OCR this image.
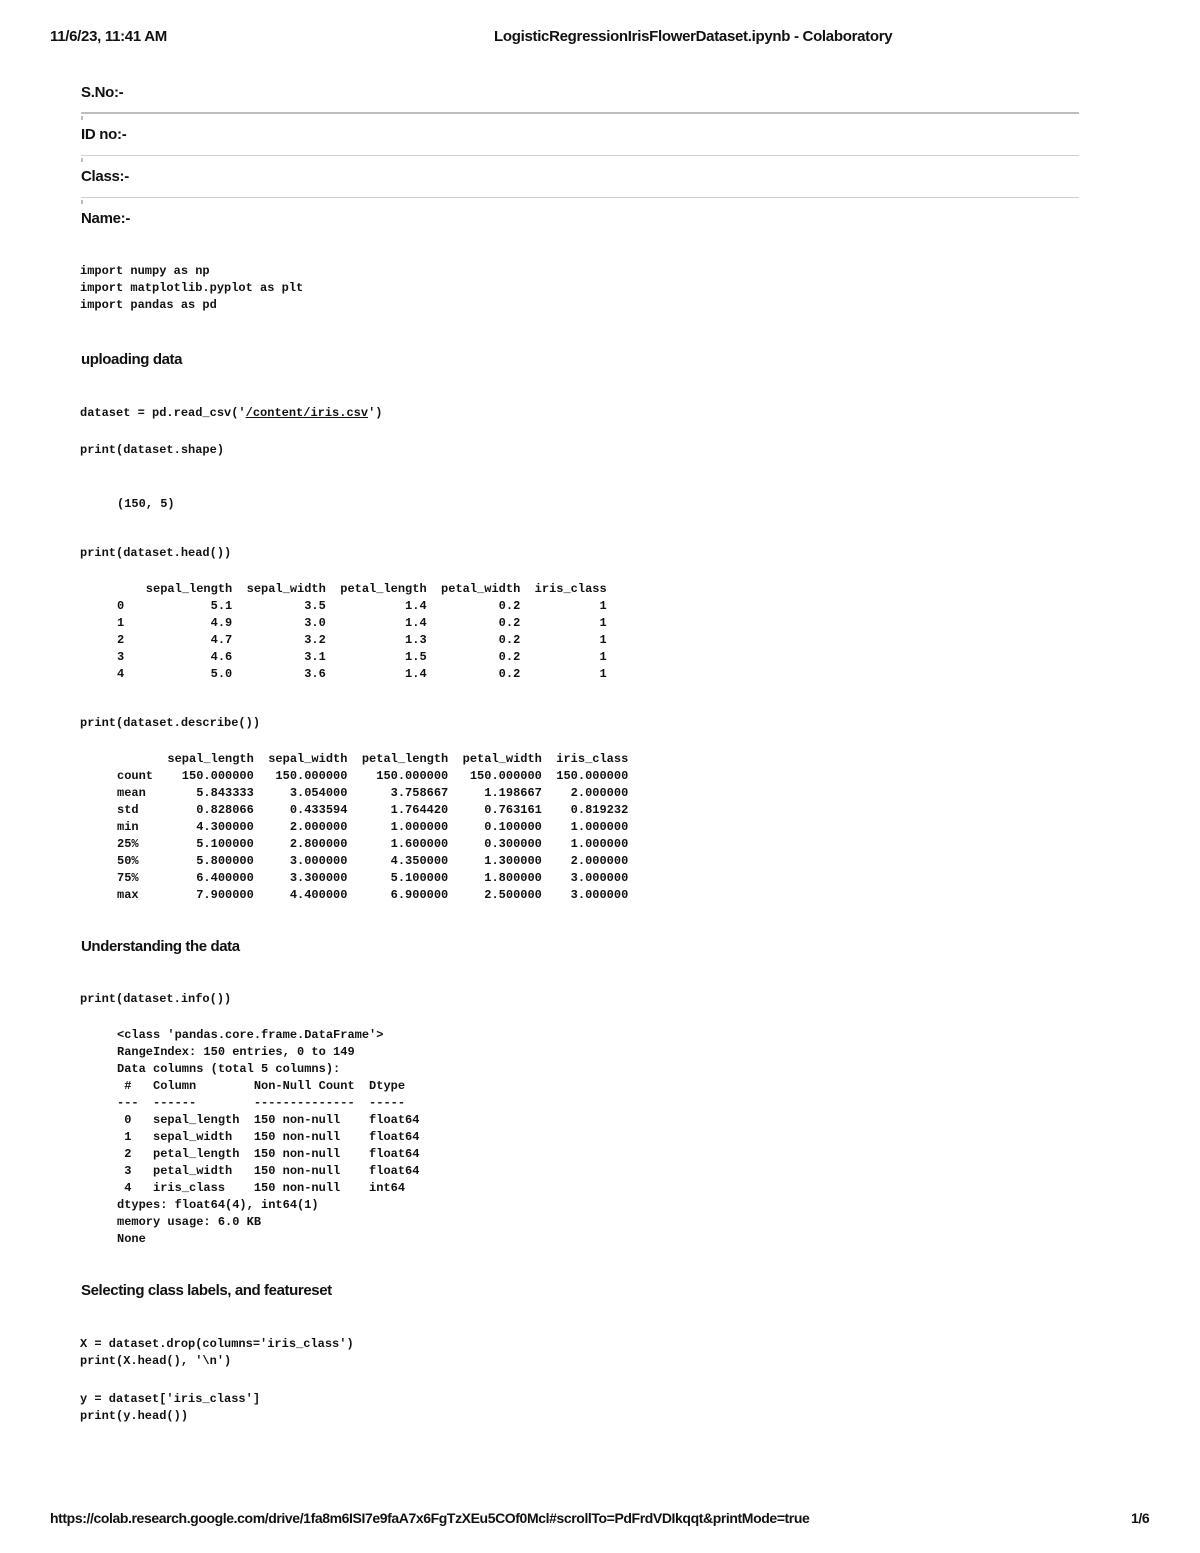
11/6/23, 11:41 AM	LogisticRegressionIrisFlowerDataset.ipynb - Colaboratory
S.No:-
ID no:-
Class:-
Name:-
import numpy as np
import matplotlib.pyplot as plt
import pandas as pd
uploading data
dataset = pd.read_csv('/content/iris.csv')
print(dataset.shape)
(150, 5)
print(dataset.head())
sepal_length  sepal_width  petal_length  petal_width  iris_class
0            5.1          3.5           1.4          0.2           1
1            4.9          3.0           1.4          0.2           1
2            4.7          3.2           1.3          0.2           1
3            4.6          3.1           1.5          0.2           1
4            5.0          3.6           1.4          0.2           1
print(dataset.describe())
sepal_length  sepal_width  petal_length  petal_width  iris_class
count    150.000000   150.000000    150.000000   150.000000  150.000000
mean       5.843333     3.054000      3.758667     1.198667    2.000000
std        0.828066     0.433594      1.764420     0.763161    0.819232
min        4.300000     2.000000      1.000000     0.100000    1.000000
25%        5.100000     2.800000      1.600000     0.300000    1.000000
50%        5.800000     3.000000      4.350000     1.300000    2.000000
75%        6.400000     3.300000      5.100000     1.800000    3.000000
max        7.900000     4.400000      6.900000     2.500000    3.000000
Understanding the data
print(dataset.info())
<class 'pandas.core.frame.DataFrame'>
RangeIndex: 150 entries, 0 to 149
Data columns (total 5 columns):
#   Column        Non-Null Count  Dtype
---  ------        --------------  -----
0   sepal_length  150 non-null    float64
1   sepal_width   150 non-null    float64
2   petal_length  150 non-null    float64
3   petal_width   150 non-null    float64
4   iris_class    150 non-null    int64
dtypes: float64(4), int64(1)
memory usage: 6.0 KB
None
Selecting class labels, and featureset
X = dataset.drop(columns='iris_class')
print(X.head(), '\n')
y = dataset['iris_class']
print(y.head())
https://colab.research.google.com/drive/1fa8m6ISI7e9faA7x6FgTzXEu5COf0Mcl#scrollTo=PdFrdVDIkqqt&printMode=true	1/6
